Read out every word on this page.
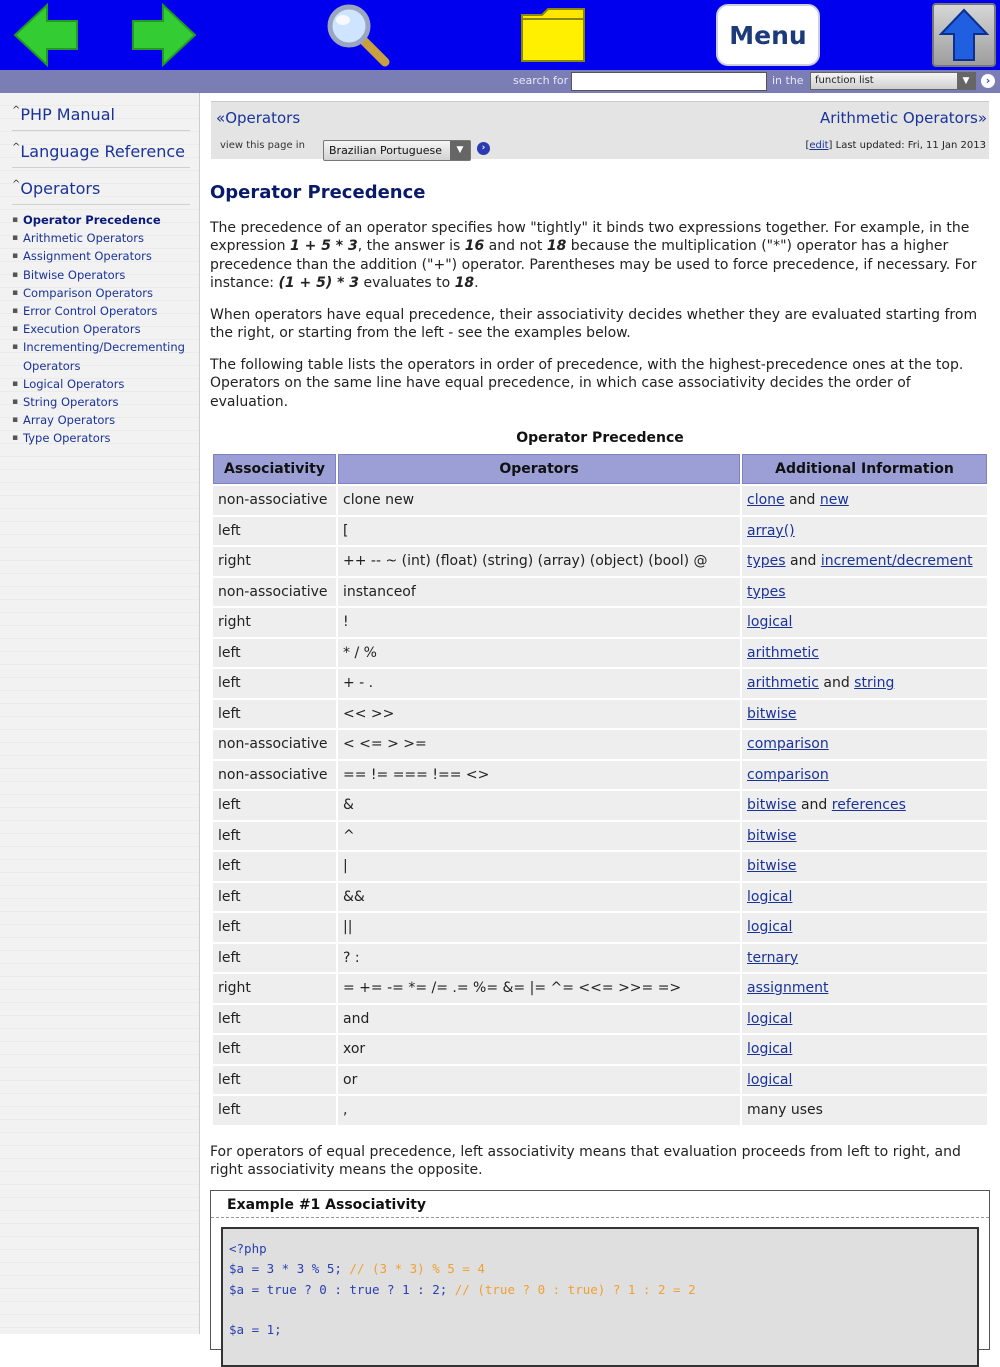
Menu
search for	in the	function list	▼	›
^PHP Manual
^Language Reference
^Operators
▪ Operator Precedence
▪ Arithmetic Operators
▪ Assignment Operators
▪ Bitwise Operators
▪ Comparison Operators
▪ Error Control Operators
▪ Execution Operators
▪ Incrementing/Decrementing Operators
▪ Logical Operators
▪ String Operators
▪ Array Operators
▪ Type Operators
«Operators	Arithmetic Operators»
view this page in	Brazilian Portuguese	▼	›	[edit] Last updated: Fri, 11 Jan 2013
Operator Precedence

The precedence of an operator specifies how "tightly" it binds two expressions together. For example, in the expression 1 + 5 * 3, the answer is 16 and not 18 because the multiplication ("*") operator has a higher precedence than the addition ("+") operator. Parentheses may be used to force precedence, if necessary. For instance: (1 + 5) * 3 evaluates to 18.

When operators have equal precedence, their associativity decides whether they are evaluated starting from the right, or starting from the left - see the examples below.

The following table lists the operators in order of precedence, with the highest-precedence ones at the top. Operators on the same line have equal precedence, in which case associativity decides the order of evaluation.

Operator Precedence
Associativity	Operators	Additional Information
non-associative	clone new	clone and new
left	[	array()
right	++ -- ~ (int) (float) (string) (array) (object) (bool) @	types and increment/decrement
non-associative	instanceof	types
right	!	logical
left	* / %	arithmetic
left	+ - .	arithmetic and string
left	<< >>	bitwise
non-associative	< <= > >=	comparison
non-associative	== != === !== <>	comparison
left	&	bitwise and references
left	^	bitwise
left	|	bitwise
left	&&	logical
left	||	logical
left	? :	ternary
right	= += -= *= /= .= %= &= |= ^= <<= >>= =>	assignment
left	and	logical
left	xor	logical
left	or	logical
left	,	many uses

For operators of equal precedence, left associativity means that evaluation proceeds from left to right, and right associativity means the opposite.

Example #1 Associativity
<?php
$a = 3 * 3 % 5; // (3 * 3) % 5 = 4
$a = true ? 0 : true ? 1 : 2; // (true ? 0 : true) ? 1 : 2 = 2

$a = 1;
